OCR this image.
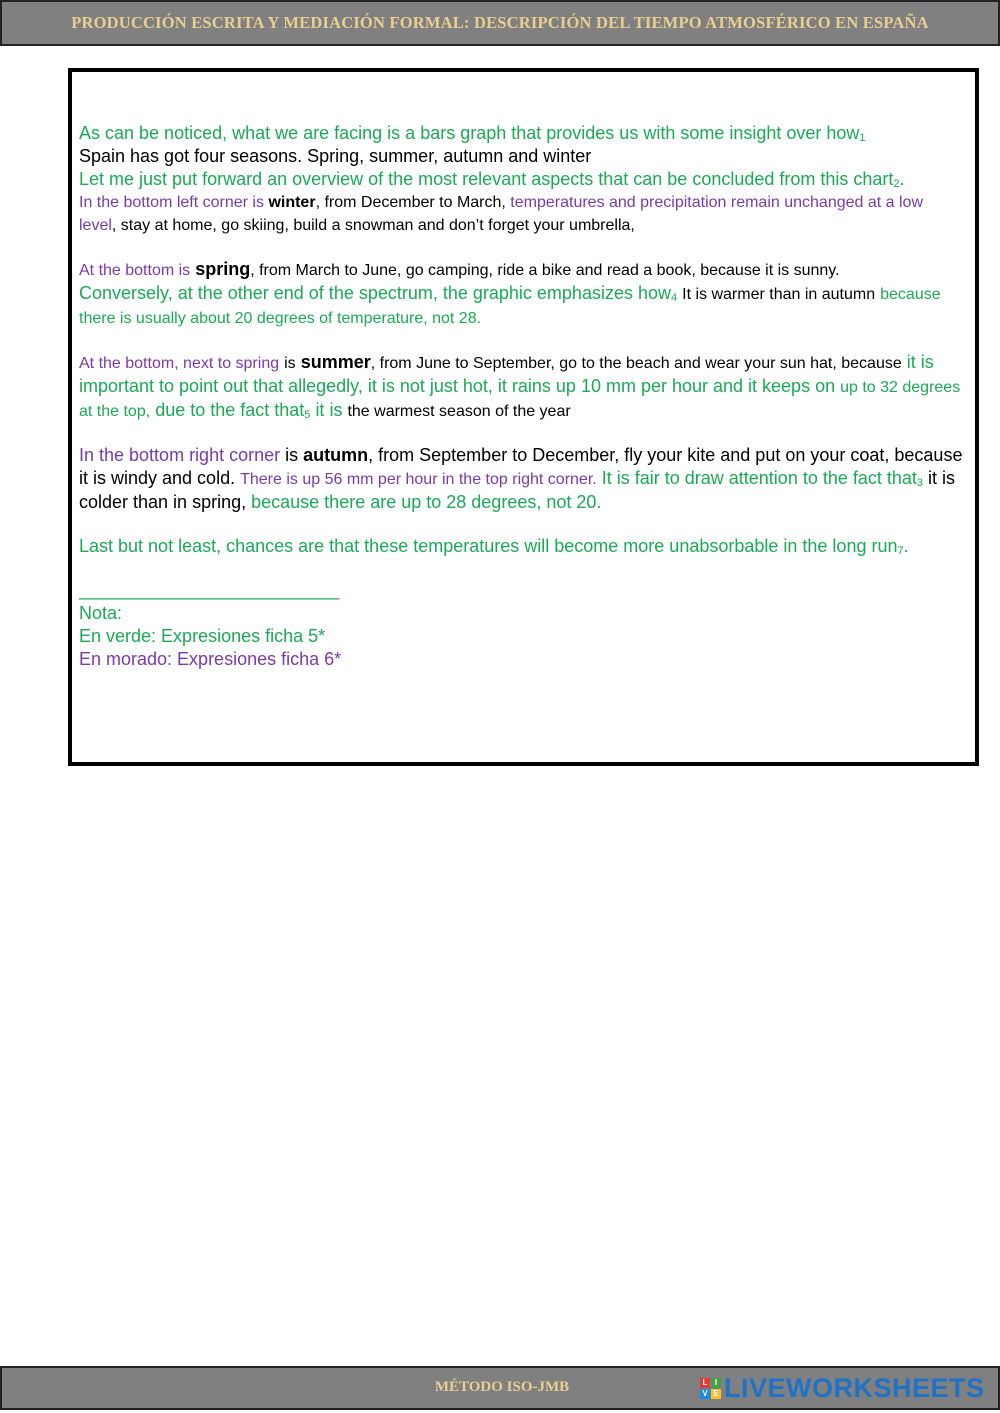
PRODUCCIÓN ESCRITA Y MEDIACIÓN FORMAL: DESCRIPCIÓN DEL TIEMPO ATMOSFÉRICO EN ESPAÑA

As can be noticed, what we are facing is a bars graph that provides us with some insight over how$_1$
Spain has got four seasons. Spring, summer, autumn and winter
Let me just put forward an overview of the most relevant aspects that can be concluded from this chart$_2$.

In the bottom left corner is winter, from December to March, temperatures and precipitation remain unchanged at a low level, stay at home, go skiing, build a snowman and don’t forget your umbrella,

At the bottom is spring, from March to June, go camping, ride a bike and read a book, because it is sunny.
Conversely, at the other end of the spectrum, the graphic emphasizes how$_4$ It is warmer than in autumn because there is usually about 20 degrees of temperature, not 28.

At the bottom, next to spring is summer, from June to September, go to the beach and wear your sun hat, because it is important to point out that allegedly, it is not just hot, it rains up 10 mm per hour and it keeps on up to 32 degrees at the top, due to the fact that$_5$ it is the warmest season of the year

In the bottom right corner is autumn, from September to December, fly your kite and put on your coat, because it is windy and cold. There is up 56 mm per hour in the top right corner. It is fair to draw attention to the fact that$_3$ it is colder than in spring, because there are up to 28 degrees, not 20.

Last but not least, chances are that these temperatures will become more unabsorbable in the long run$_7$.

__________________________
Nota:
En verde: Expresiones ficha 5*
En morado: Expresiones ficha 6*
MÉTODO ISO-JMB	L I
V E LIVEWORKSHEETS
